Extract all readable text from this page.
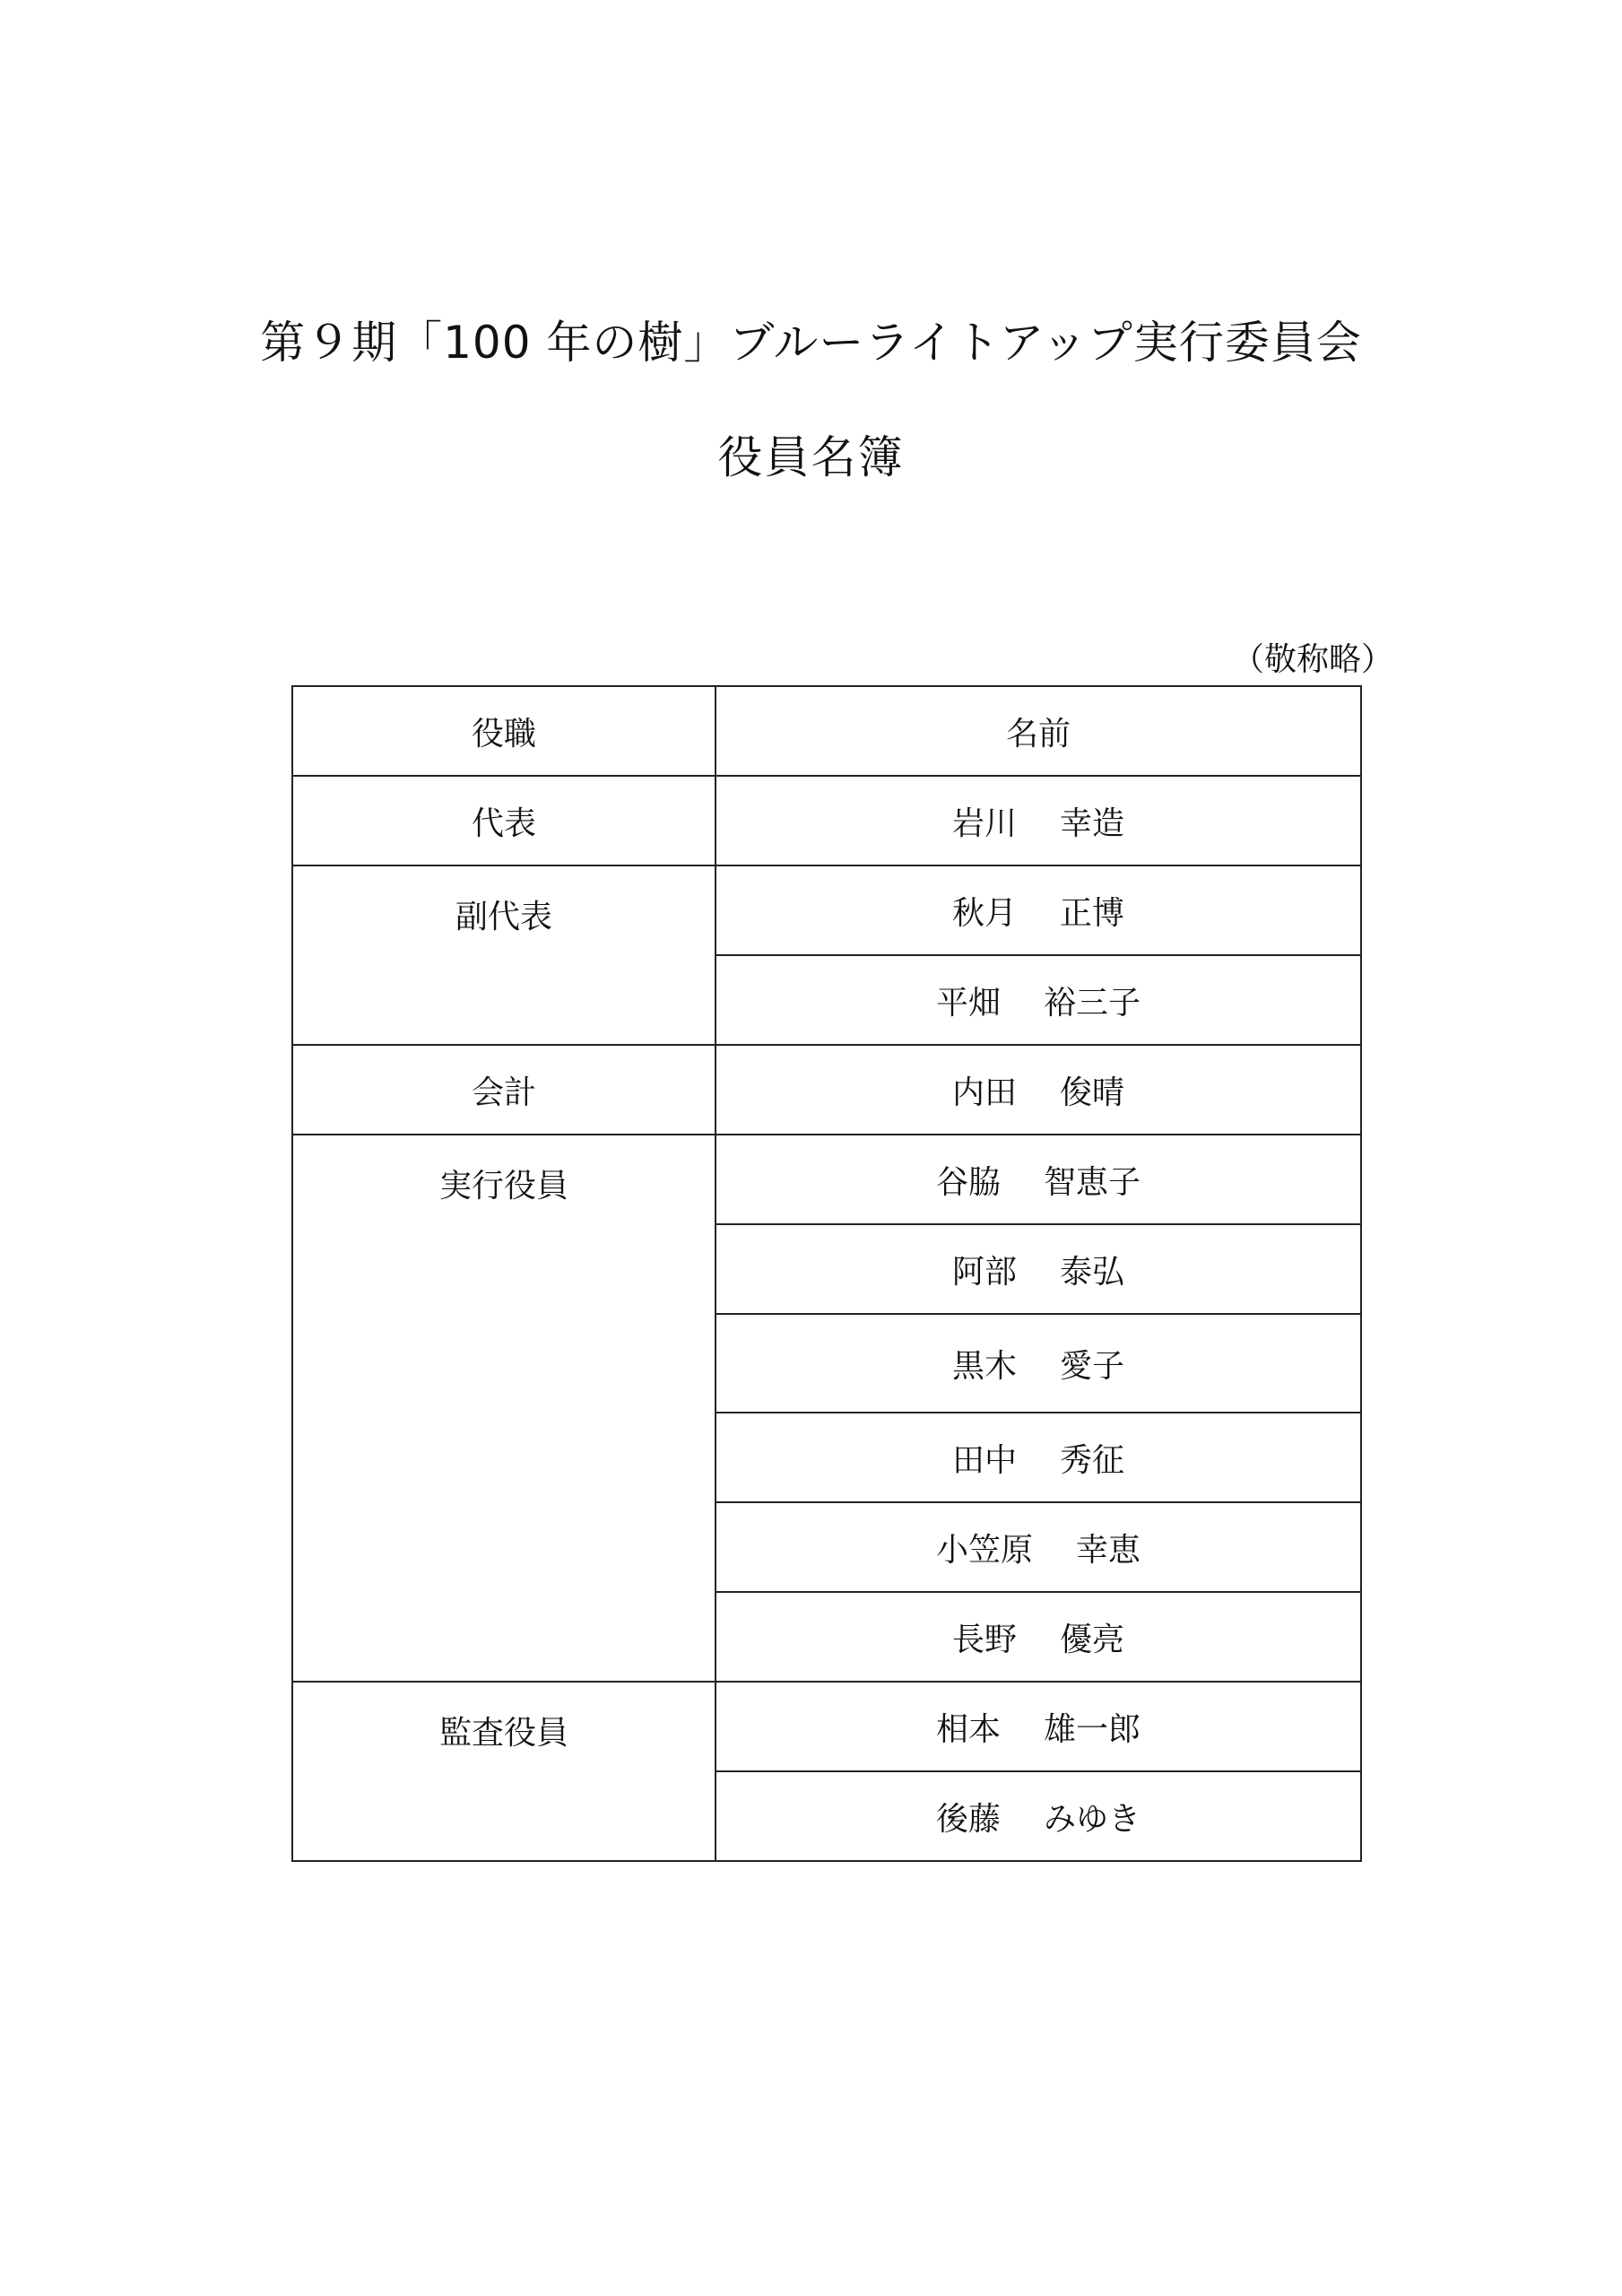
第９期「100 年の樹」ブルーライトアップ実行委員会
役員名簿
（敬称略）
役職	名前
代表	岩川 幸造
副代表	秋月 正博
	平畑 裕三子
会計	内田 俊晴
実行役員	谷脇 智恵子
	阿部 泰弘
	黒木 愛子
	田中 秀征
	小笠原 幸恵
	長野 優亮
監査役員	相本 雄一郎
	後藤 みゆき
